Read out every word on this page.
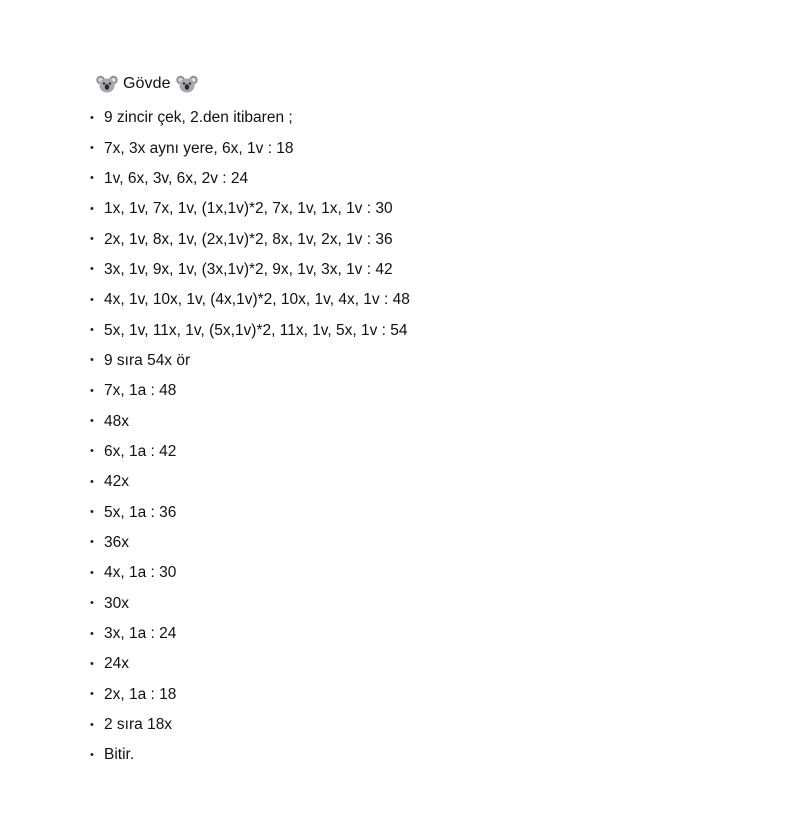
Gövde
• 9 zincir çek, 2.den itibaren ;
• 7x, 3x aynı yere, 6x, 1v : 18
• 1v, 6x, 3v, 6x, 2v : 24
• 1x, 1v, 7x, 1v, (1x,1v)*2, 7x, 1v, 1x, 1v : 30
• 2x, 1v, 8x, 1v, (2x,1v)*2, 8x, 1v, 2x, 1v : 36
• 3x, 1v, 9x, 1v, (3x,1v)*2, 9x, 1v, 3x, 1v : 42
• 4x, 1v, 10x, 1v, (4x,1v)*2, 10x, 1v, 4x, 1v : 48
• 5x, 1v, 11x, 1v, (5x,1v)*2, 11x, 1v, 5x, 1v : 54
• 9 sıra 54x ör
• 7x, 1a : 48
• 48x
• 6x, 1a : 42
• 42x
• 5x, 1a : 36
• 36x
• 4x, 1a : 30
• 30x
• 3x, 1a : 24
• 24x
• 2x, 1a : 18
• 2 sıra 18x
• Bitir.
